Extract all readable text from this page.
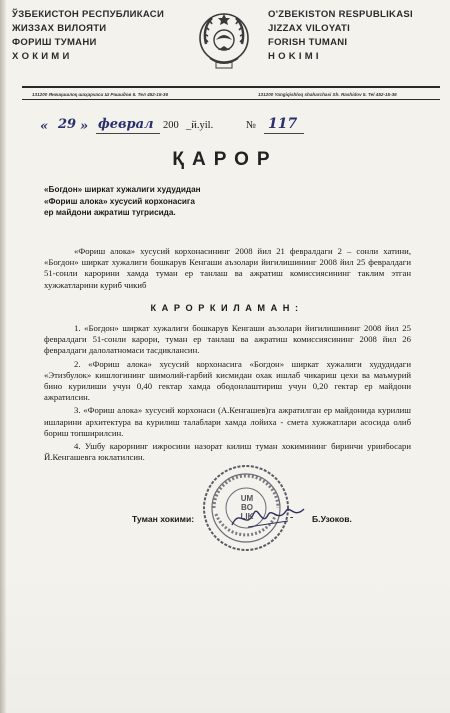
ЎЗБЕКИСТОН РЕСПУБЛИКАСИ
ЖИЗЗАХ ВИЛОЯТИ
ФОРИШ ТУМАНИ
Х О К И М И
O'ZBEKISTON RESPUBLIKASI
JIZZAX VILOYATI
FORISH TUMANI
H O K I M I
131200 Янгиқишлоқ шаҳарчаси Ш Рашидов 5. Тел 452-15-36	131200 Yangiqishloq shaharchasi Sh. Rashidov 5. Tel 452-15-36
« 29 » феврал 200 _й.yil.	№ 117
ҚАРОР
«Богдон» ширкат хужалиги худудидан
«Фориш алока» хусусий корхонасига
ер майдони ажратиш тугрисида.

«Фориш алока» хусусий корхонасининг 2008 йил 21 февралдаги 2 – сонли хатини, «Богдон» ширкат хужалиги бошкарув Кенгаши аъзолари йигилишининг 2008 йил 25 февралдаги 51-сонли карорини хамда туман ер танлаш ва ажратиш комиссиясининг таклим этган хужжатларини куриб чикиб

К А Р О Р К И Л А М А Н :

1. «Богдон» ширкат хужалиги бошкарув Кенгаши аъзолари йигилишининг 2008 йил 25 февралдаги 51-сонли карори, туман ер танлаш ва ажратиш комиссиясининг 2008 йил 26 февралдаги далолатномаси тасдиклансин.

2. «Фориш алока» хусусий корхонасига «Богдон» ширкат хужалиги худудидаги «Этизбулок» кишлогининг шимолий-гарбий кисмидан охак ишлаб чикариш цехи ва маъмурий бино курилиши учун 0,40 гектар хамда ободонлаштириш учун 0,20 гектар ер майдони ажратилсин.

3. «Фориш алока» хусусий корхонаси (А.Кенгашев)га ажратилган ер майдонида курилиш ишларини архитектура ва курилиш талаблари хамда лойиха - смета хужжатлари асосида олиб бориш топширилсин.

4. Ушбу карорнинг ижросини назорат килиш туман хокимининг биринчи уринбосари Й.Кенгашевга юклатилсин.

UM
BO
LIK
Туман хокими:	- Б.Узоков.
